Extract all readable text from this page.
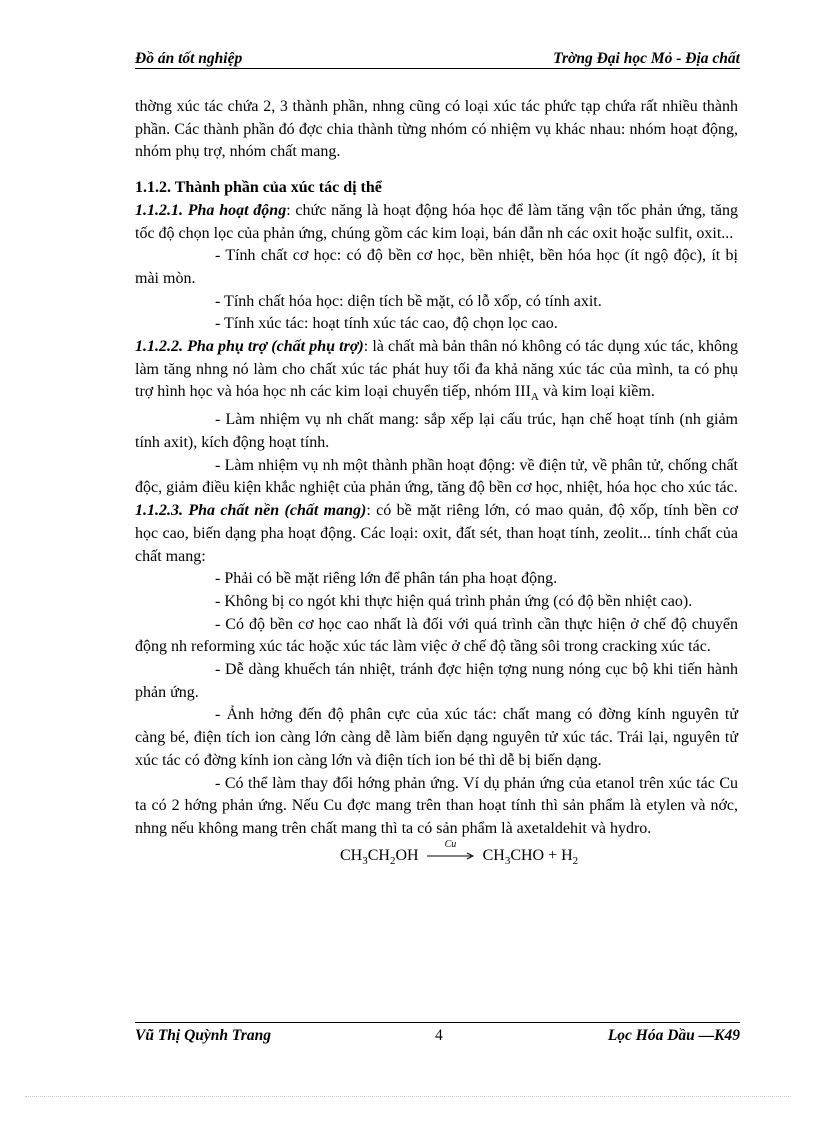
Đồ án tốt nghiệp	Trờng Đại học Mỏ - Địa chất

thờng xúc tác chứa 2, 3 thành phần, nhng cũng có loại xúc tác phức tạp chứa rất nhiều thành phần. Các thành phần đó đợc chia thành từng nhóm có nhiệm vụ khác nhau: nhóm hoạt động, nhóm phụ trợ, nhóm chất mang.

1.1.2. Thành phần của xúc tác dị thể

1.1.2.1. Pha hoạt động: chức năng là hoạt động hóa học để làm tăng vận tốc phản ứng, tăng tốc độ chọn lọc của phản ứng, chúng gồm các kim loại, bán dẫn nh các oxit hoặc sulfit, oxit...

- Tính chất cơ học: có độ bền cơ học, bền nhiệt, bền hóa học (ít ngộ độc), ít bị mài mòn.

- Tính chất hóa học: diện tích bề mặt, có lỗ xốp, có tính axit.

- Tính xúc tác: hoạt tính xúc tác cao, độ chọn lọc cao.

1.1.2.2. Pha phụ trợ (chất phụ trợ): là chất mà bản thân nó không có tác dụng xúc tác, không làm tăng nhng nó làm cho chất xúc tác phát huy tối đa khả năng xúc tác của mình, ta có phụ trợ hình học và hóa học nh các kim loại chuyển tiếp, nhóm $III_A$ và kim loại kiềm.

- Làm nhiệm vụ nh chất mang: sắp xếp lại cấu trúc, hạn chế hoạt tính (nh giảm tính axit), kích động hoạt tính.

- Làm nhiệm vụ nh một thành phần hoạt động: về điện tử, về phân tử, chống chất độc, giảm điều kiện khắc nghiệt của phản ứng, tăng độ bền cơ học, nhiệt, hóa học cho xúc tác.

1.1.2.3. Pha chất nền (chất mang): có bề mặt riêng lớn, có mao quản, độ xốp, tính bền cơ học cao, biến dạng pha hoạt động. Các loại: oxit, đất sét, than hoạt tính, zeolit... tính chất của chất mang:

- Phải có bề mặt riêng lớn để phân tán pha hoạt động.

- Không bị co ngót khi thực hiện quá trình phản ứng (có độ bền nhiệt cao).

- Có độ bền cơ học cao nhất là đối với quá trình cần thực hiện ở chế độ chuyển động nh reforming xúc tác hoặc xúc tác làm việc ở chế độ tầng sôi trong cracking xúc tác.

- Dễ dàng khuếch tán nhiệt, tránh đợc hiện tợng nung nóng cục bộ khi tiến hành phản ứng.

- Ảnh hởng đến độ phân cực của xúc tác: chất mang có đờng kính nguyên tử càng bé, điện tích ion càng lớn càng dễ làm biến dạng nguyên tử xúc tác. Trái lại, nguyên tử xúc tác có đờng kính ion càng lớn và điện tích ion bé thì dễ bị biến dạng.

- Có thể làm thay đổi hớng phản ứng. Ví dụ phản ứng của etanol trên xúc tác Cu ta có 2 hớng phản ứng. Nếu Cu đợc mang trên than hoạt tính thì sản phẩm là etylen và nớc, nhng nếu không mang trên chất mang thì ta có sản phẩm là axetaldehit và hydro.

$CH_3CH_2OH$
Cu
$CH_3CHO + H_2$

Vũ Thị Quỳnh Trang	4	Lọc Hóa Dầu —K49
